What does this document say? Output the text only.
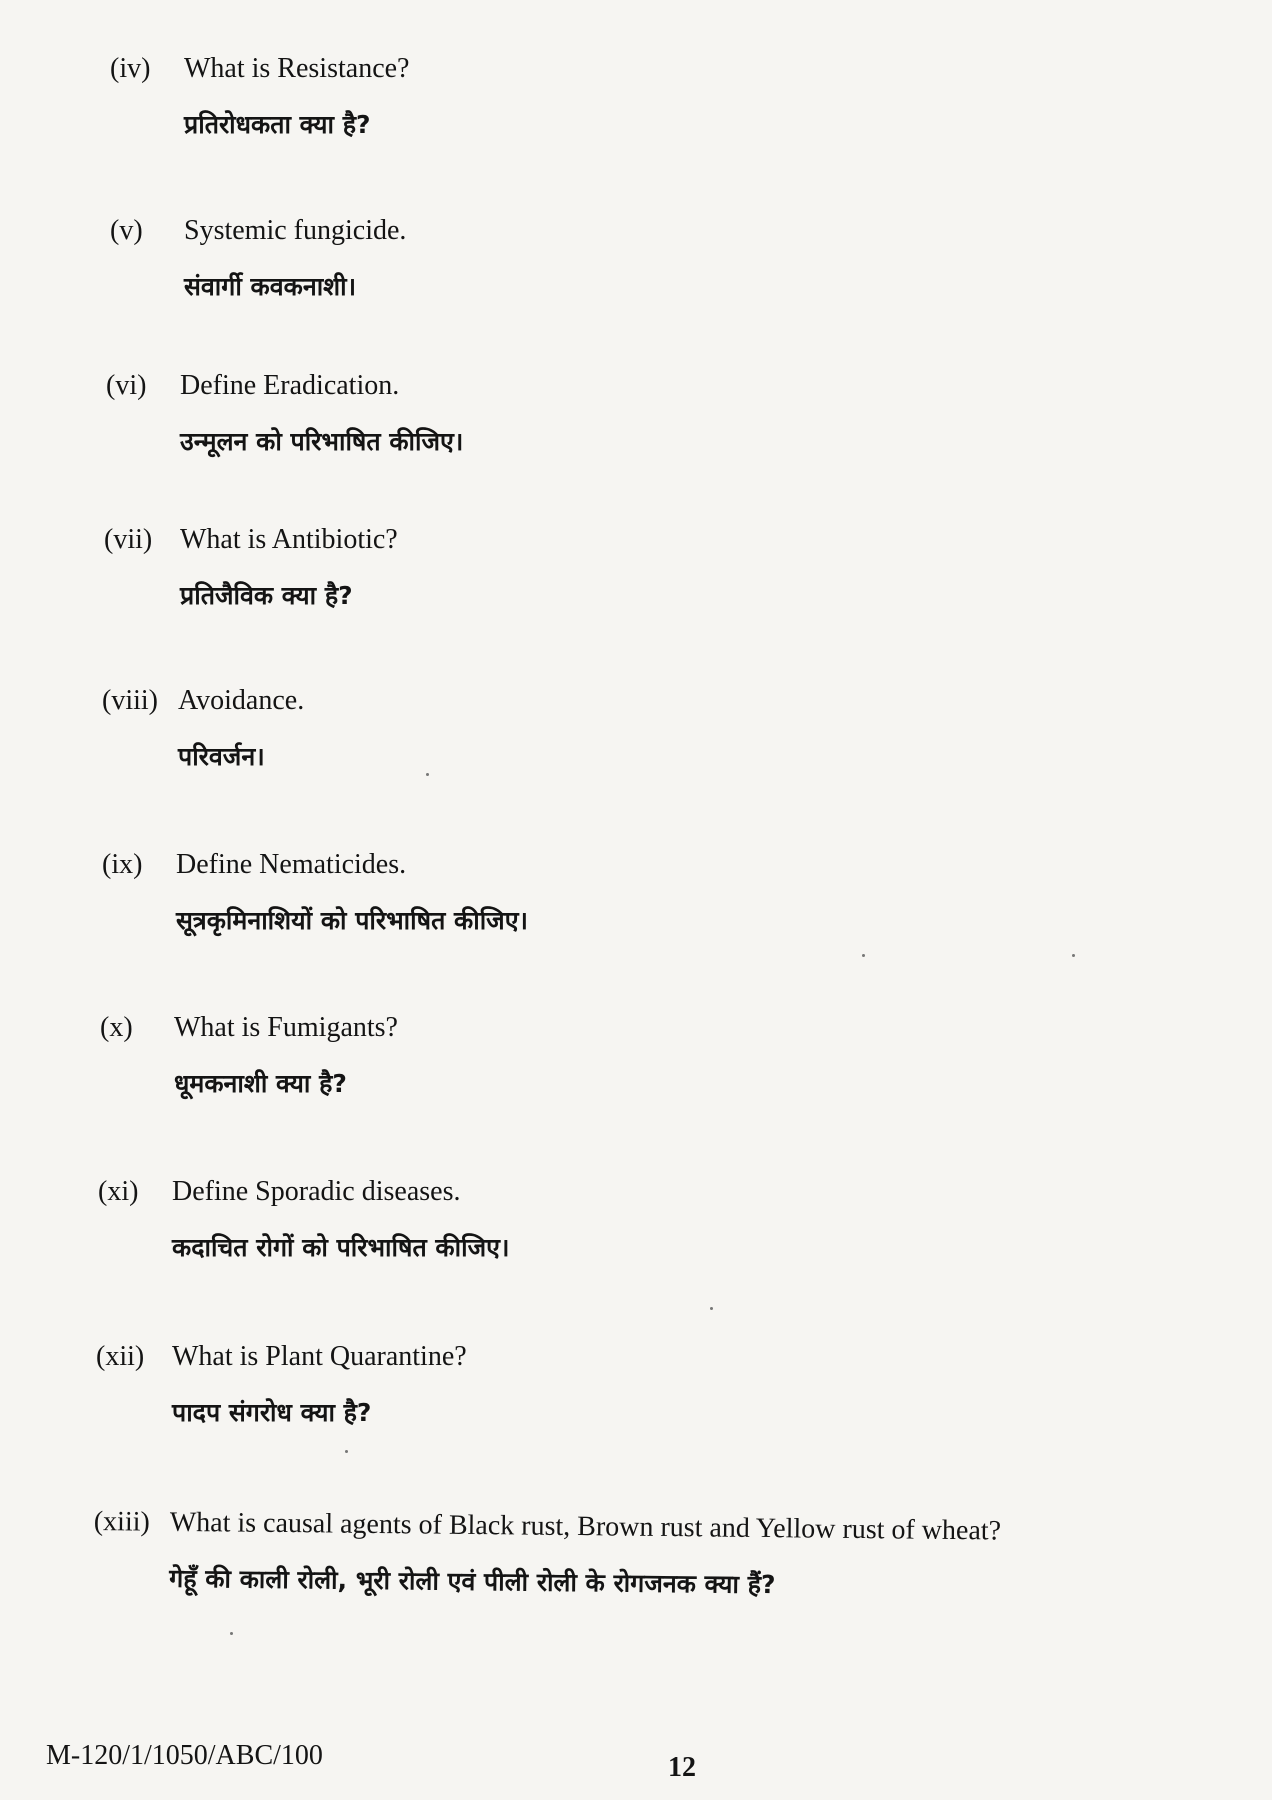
(iv) What is Resistance?
प्रतिरोधकता क्या है?
(v) Systemic fungicide.
संवार्गी कवकनाशी।
(vi) Define Eradication.
उन्मूलन को परिभाषित कीजिए।
(vii) What is Antibiotic?
प्रतिजैविक क्या है?
(viii) Avoidance.
परिवर्जन।
(ix) Define Nematicides.
सूत्रकृमिनाशियों को परिभाषित कीजिए।
(x) What is Fumigants?
धूमकनाशी क्या है?
(xi) Define Sporadic diseases.
कदाचित रोगों को परिभाषित कीजिए।
(xii) What is Plant Quarantine?
पादप संगरोध क्या है?
(xiii) What is causal agents of Black rust, Brown rust and Yellow rust of wheat?
गेहूँ की काली रोली, भूरी रोली एवं पीली रोली के रोगजनक क्या हैं?
M-120/1/1050/ABC/100	12
